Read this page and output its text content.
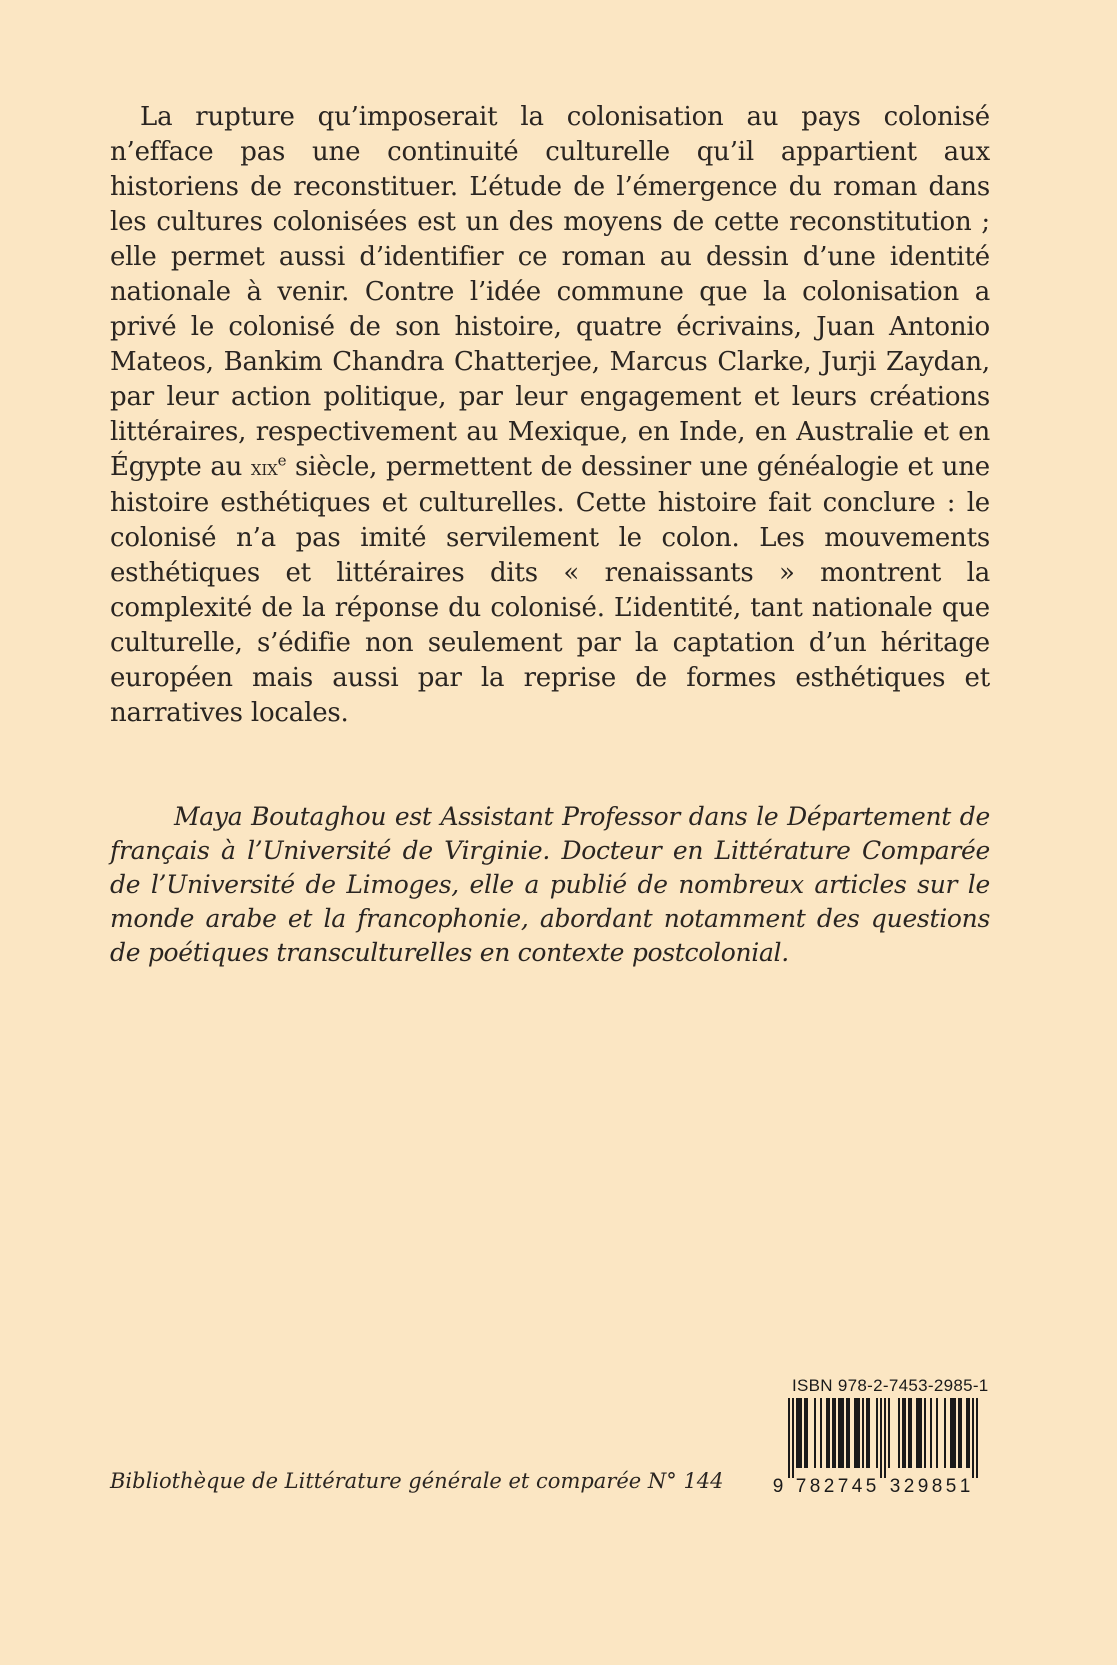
La rupture qu’imposerait la colonisation au pays colonisé n’efface pas une continuité culturelle qu’il appartient aux historiens de reconstituer. L’étude de l’émergence du roman dans les cultures colonisées est un des moyens de cette reconstitution ; elle permet aussi d’identifier ce roman au dessin d’une identité nationale à venir. Contre l’idée commune que la colonisation a privé le colonisé de son histoire, quatre écrivains, Juan Antonio Mateos, Bankim Chandra Chatterjee, Marcus Clarke, Jurji Zaydan, par leur action politique, par leur engagement et leurs créations littéraires, respectivement au Mexique, en Inde, en Australie et en Égypte au xix$^e$ siècle, permettent de dessiner une généalogie et une histoire esthétiques et culturelles. Cette histoire fait conclure : le colonisé n’a pas imité servilement le colon. Les mouvements esthétiques et littéraires dits « renaissants » montrent la complexité de la réponse du colonisé. L’identité, tant nationale que culturelle, s’édifie non seulement par la captation d’un héritage européen mais aussi par la reprise de formes esthétiques et narratives locales.

Maya Boutaghou est Assistant Professor dans le Département de français à l’Université de Virginie. Docteur en Littérature Comparée de l’Université de Limoges, elle a publié de nombreux articles sur le monde arabe et la francophonie, abordant notamment des questions de poétiques transculturelles en contexte postcolonial.

Bibliothèque de Littérature générale et comparée N° 144
ISBN 978-2-7453-2985-1
9 7 8 2 7 4 5 3 2 9 8 5 1
